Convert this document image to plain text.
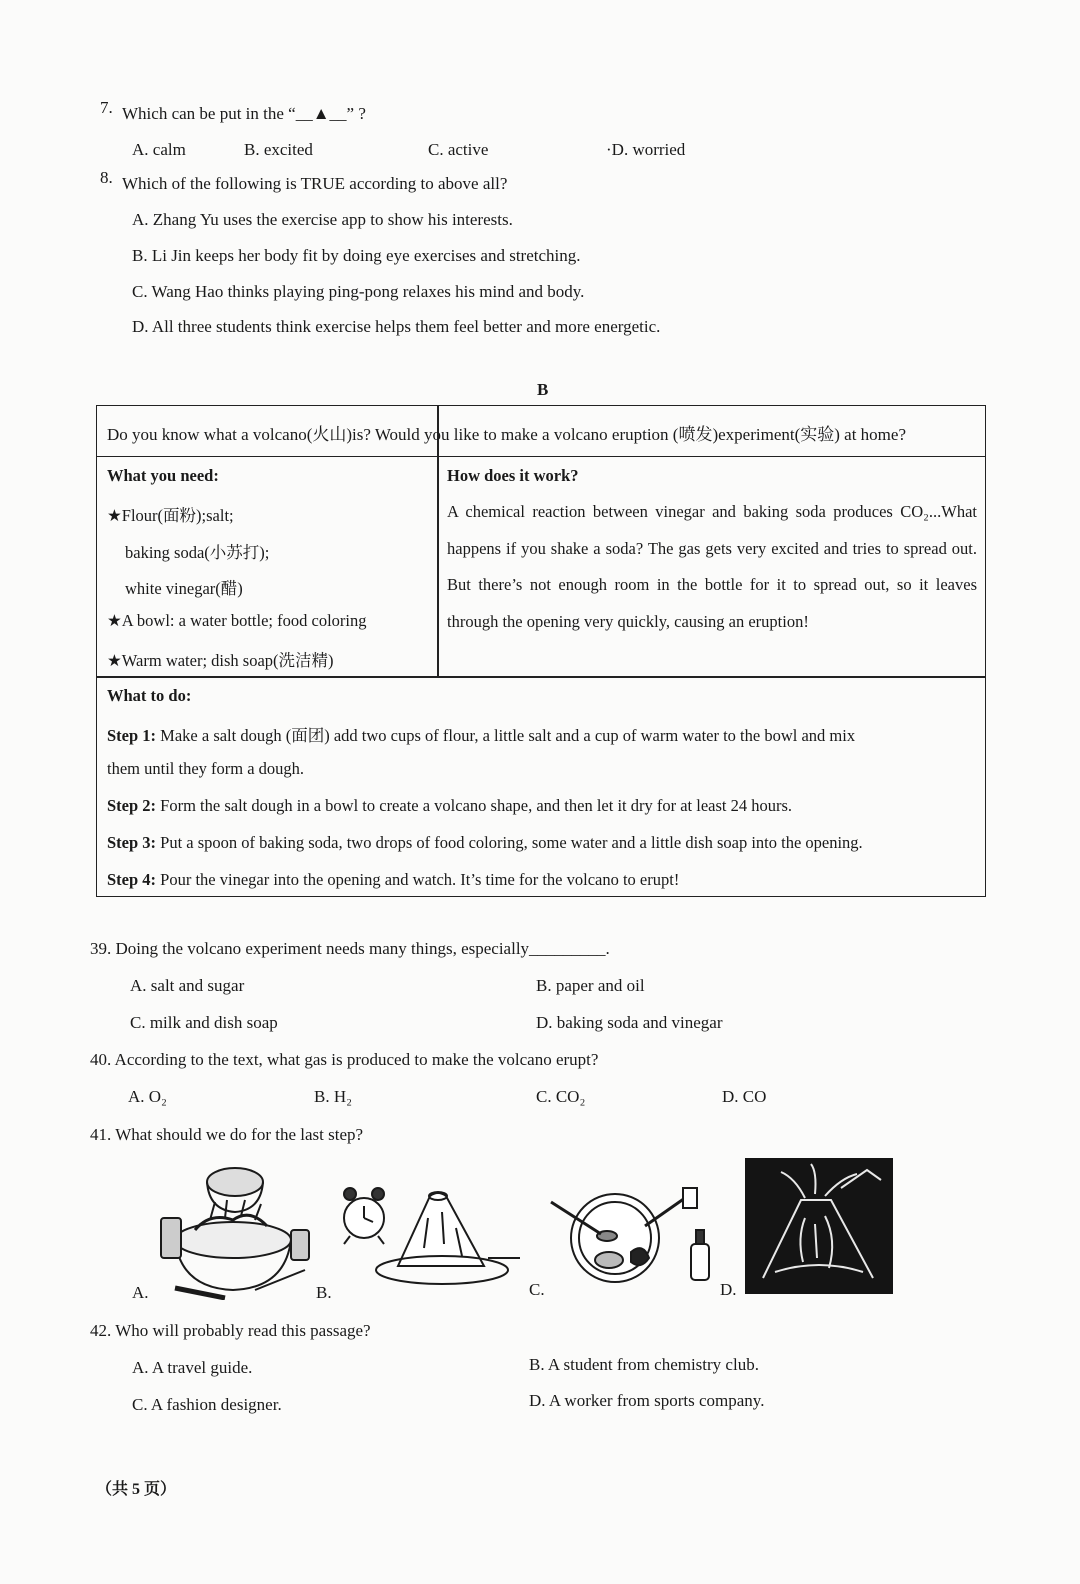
7. Which can be put in the “__▲__” ?
A. calm	B. excited	C. active	·D. worried
8. Which of the following is TRUE according to above all?
A. Zhang Yu uses the exercise app to show his interests.
B. Li Jin keeps her body fit by doing eye exercises and stretching.
C. Wang Hao thinks playing ping-pong relaxes his mind and body.
D. All three students think exercise helps them feel better and more energetic.
B
Do you know what a volcano(火山)is? Would you like to make a volcano eruption (喷发)experiment(实验) at home?
What you need:
★Flour(面粉);salt;
baking soda(小苏打);
white vinegar(醋)
★A bowl: a water bottle; food coloring
★Warm water; dish soap(洗洁精)
How does it work?
A chemical reaction between vinegar and baking soda produces CO₂...What happens if you shake a soda? The gas gets very excited and tries to spread out. But there’s not enough room in the bottle for it to spread out, so it leaves through the opening very quickly, causing an eruption!
What to do:
Step 1: Make a salt dough (面团) add two cups of flour, a little salt and a cup of warm water to the bowl and mix
them until they form a dough.
Step 2: Form the salt dough in a bowl to create a volcano shape, and then let it dry for at least 24 hours.
Step 3: Put a spoon of baking soda, two drops of food coloring, some water and a little dish soap into the opening.
Step 4: Pour the vinegar into the opening and watch. It’s time for the volcano to erupt!
39. Doing the volcano experiment needs many things, especially_________.
A. salt and sugar	B. paper and oil
C. milk and dish soap	D. baking soda and vinegar
40. According to the text, what gas is produced to make the volcano erupt?
A. O₂	B. H₂	C. CO₂	D. CO
41. What should we do for the last step?
A.	B.	C.	D.
42. Who will probably read this passage?
A. A travel guide.	B. A student from chemistry club.
C. A fashion designer.	D. A worker from sports company.
（共 5 页）
